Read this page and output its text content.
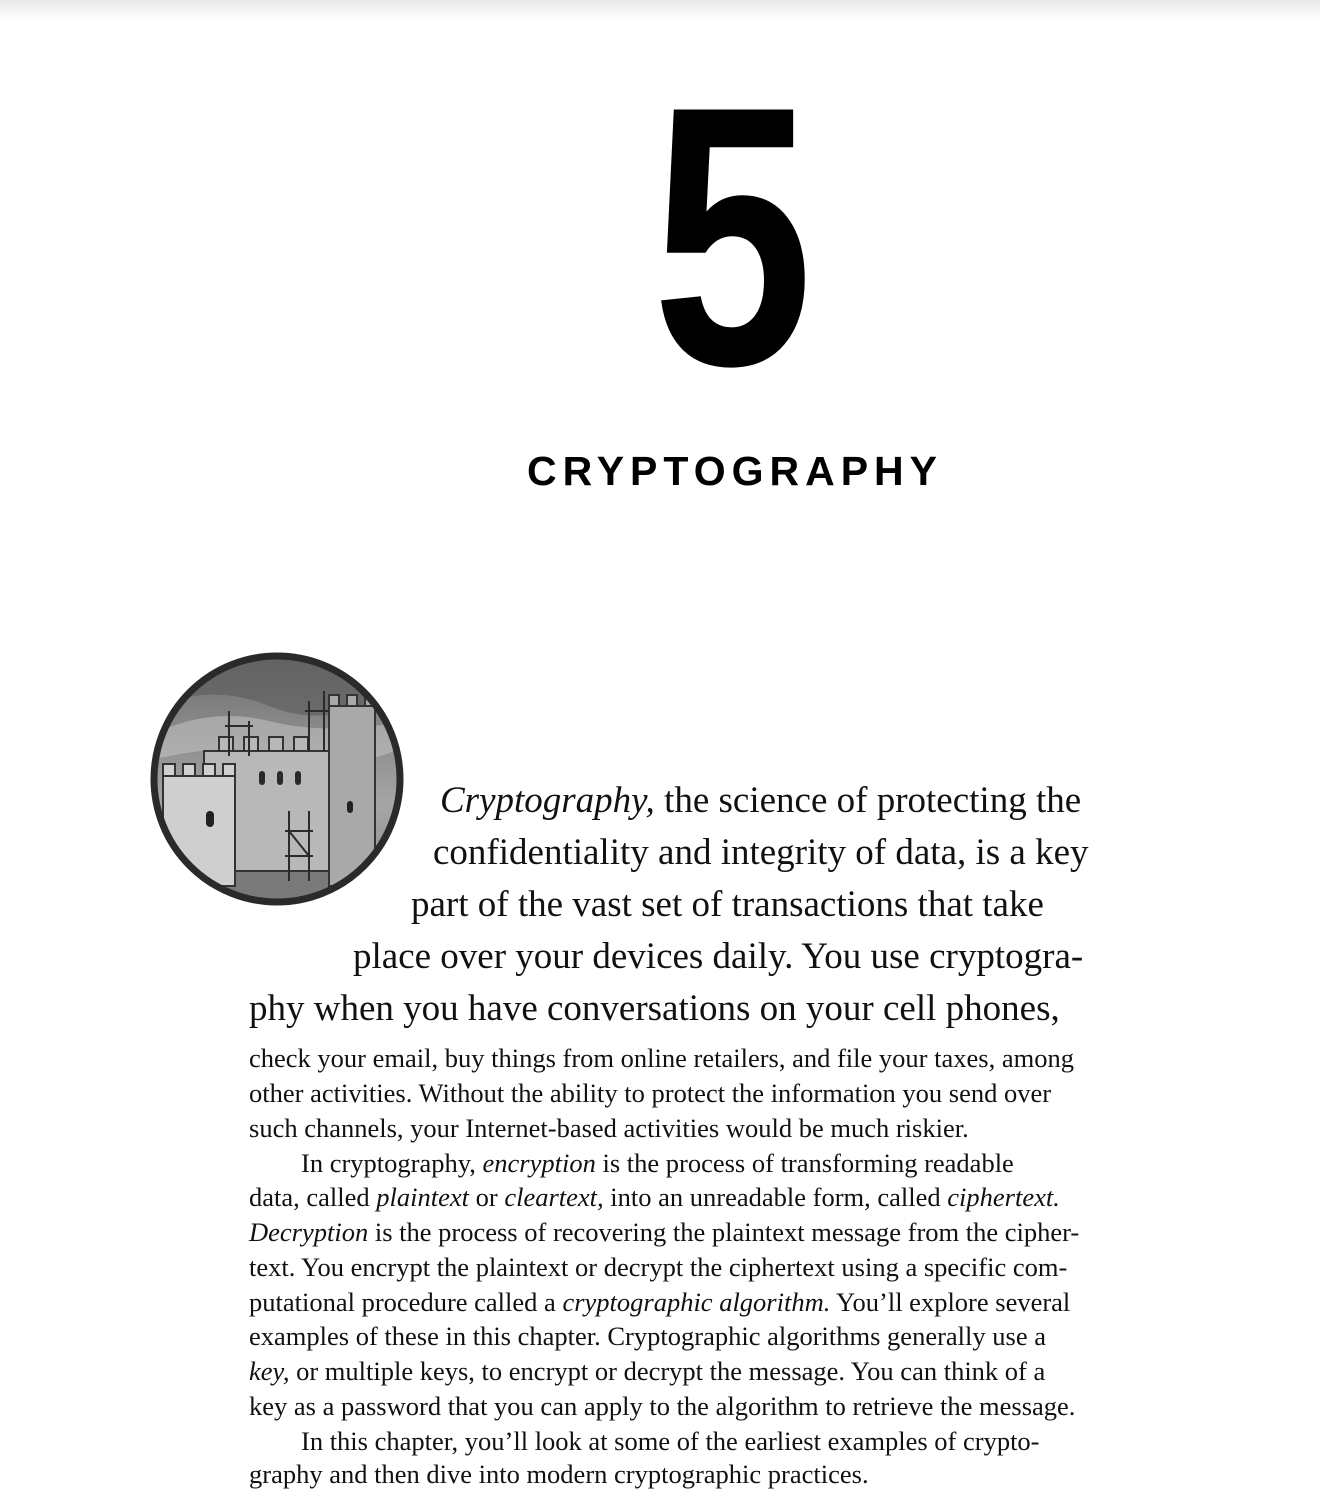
5
CRYPTOGRAPHY
Cryptography, the science of protecting the
confidentiality and integrity of data, is a key
part of the vast set of transactions that take
place over your devices daily. You use cryptogra-
phy when you have conversations on your cell phones,
check your email, buy things from online retailers, and file your taxes, among
other activities. Without the ability to protect the information you send over
such channels, your Internet-based activities would be much riskier.
In cryptography, encryption is the process of transforming readable
data, called plaintext or cleartext, into an unreadable form, called ciphertext.
Decryption is the process of recovering the plaintext message from the cipher-
text. You encrypt the plaintext or decrypt the ciphertext using a specific com-
putational procedure called a cryptographic algorithm. You’ll explore several
examples of these in this chapter. Cryptographic algorithms generally use a
key, or multiple keys, to encrypt or decrypt the message. You can think of a
key as a password that you can apply to the algorithm to retrieve the message.
In this chapter, you’ll look at some of the earliest examples of crypto-
graphy and then dive into modern cryptographic practices.
